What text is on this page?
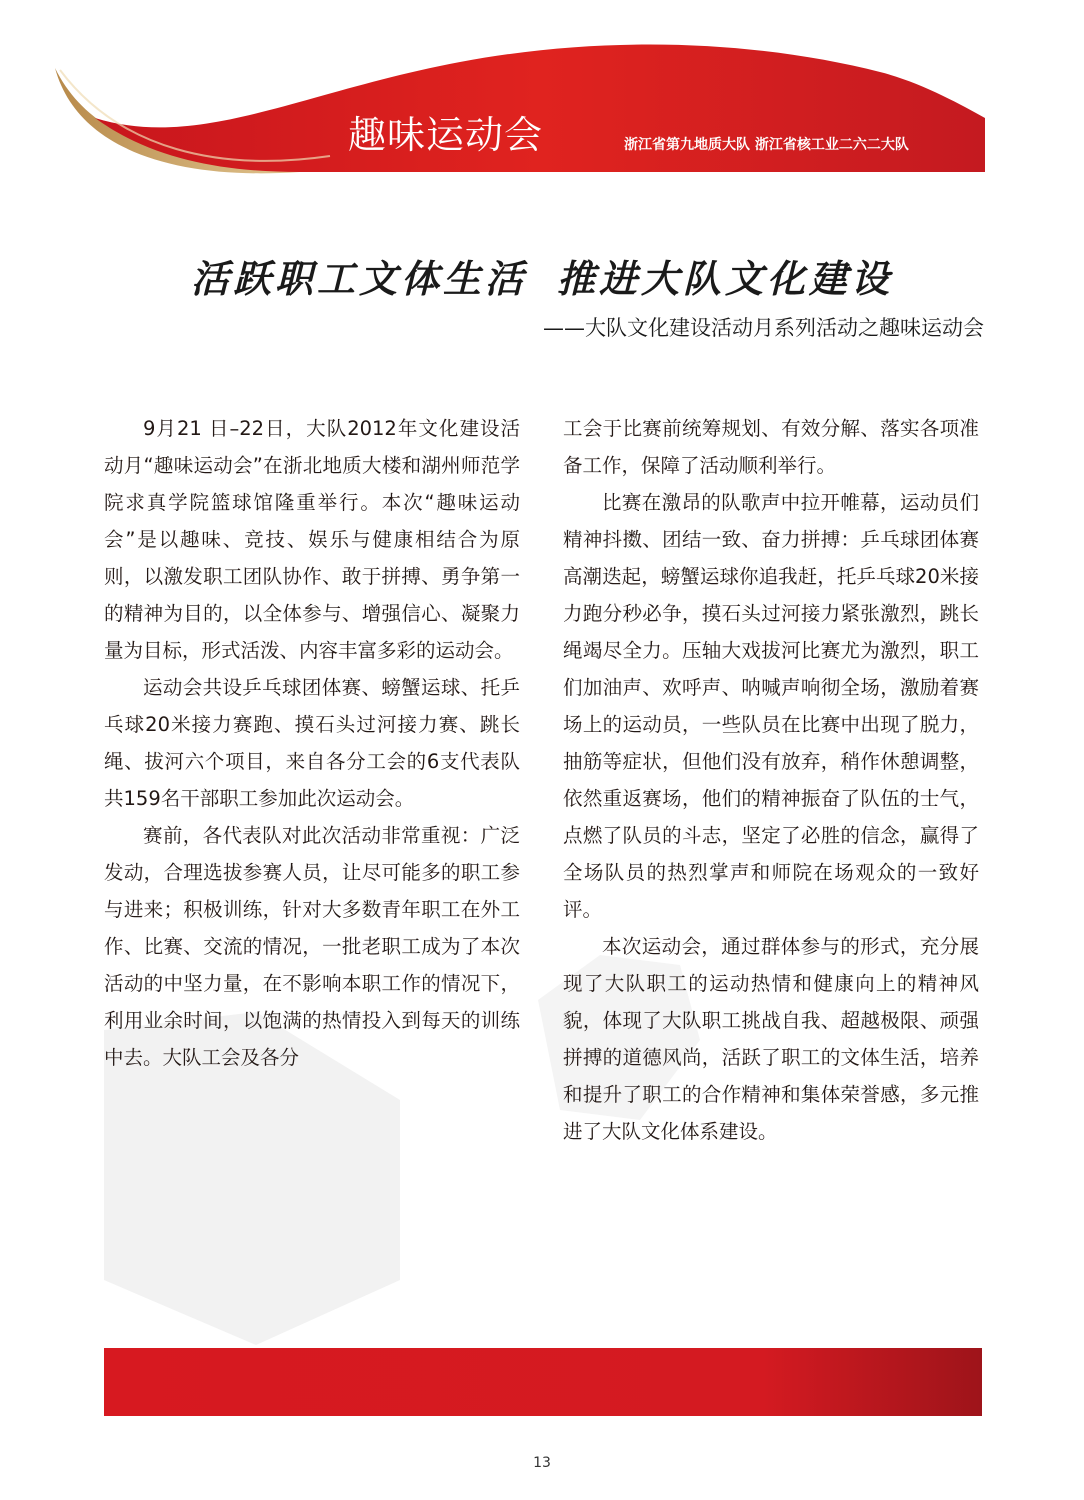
趣味运动会	浙江省第九地质大队 浙江省核工业二六二大队

活跃职工文体生活 推进大队文化建设

——大队文化建设活动月系列活动之趣味运动会

9月21 日–22日，大队2012年文化建设活动月“趣味运动会”在浙北地质大楼和湖州师范学院求真学院篮球馆隆重举行。本次“趣味运动会”是以趣味、竞技、娱乐与健康相结合为原则，以激发职工团队协作、敢于拼搏、勇争第一的精神为目的，以全体参与、增强信心、凝聚力量为目标，形式活泼、内容丰富多彩的运动会。

运动会共设乒乓球团体赛、螃蟹运球、托乒乓球20米接力赛跑、摸石头过河接力赛、跳长绳、拔河六个项目，来自各分工会的6支代表队共159名干部职工参加此次运动会。

赛前，各代表队对此次活动非常重视：广泛发动，合理选拔参赛人员，让尽可能多的职工参与进来；积极训练，针对大多数青年职工在外工作、比赛、交流的情况，一批老职工成为了本次活动的中坚力量，在不影响本职工作的情况下，利用业余时间，以饱满的热情投入到每天的训练中去。大队工会及各分

工会于比赛前统筹规划、有效分解、落实各项准备工作，保障了活动顺利举行。

比赛在激昂的队歌声中拉开帷幕，运动员们精神抖擞、团结一致、奋力拼搏：乒乓球团体赛高潮迭起，螃蟹运球你追我赶，托乒乓球20米接力跑分秒必争，摸石头过河接力紧张激烈，跳长绳竭尽全力。压轴大戏拔河比赛尤为激烈，职工们加油声、欢呼声、呐喊声响彻全场，激励着赛场上的运动员，一些队员在比赛中出现了脱力，抽筋等症状，但他们没有放弃，稍作休憩调整，依然重返赛场，他们的精神振奋了队伍的士气，点燃了队员的斗志，坚定了必胜的信念，赢得了全场队员的热烈掌声和师院在场观众的一致好评。

本次运动会，通过群体参与的形式，充分展现了大队职工的运动热情和健康向上的精神风貌，体现了大队职工挑战自我、超越极限、顽强拼搏的道德风尚，活跃了职工的文体生活，培养和提升了职工的合作精神和集体荣誉感，多元推进了大队文化体系建设。

13
